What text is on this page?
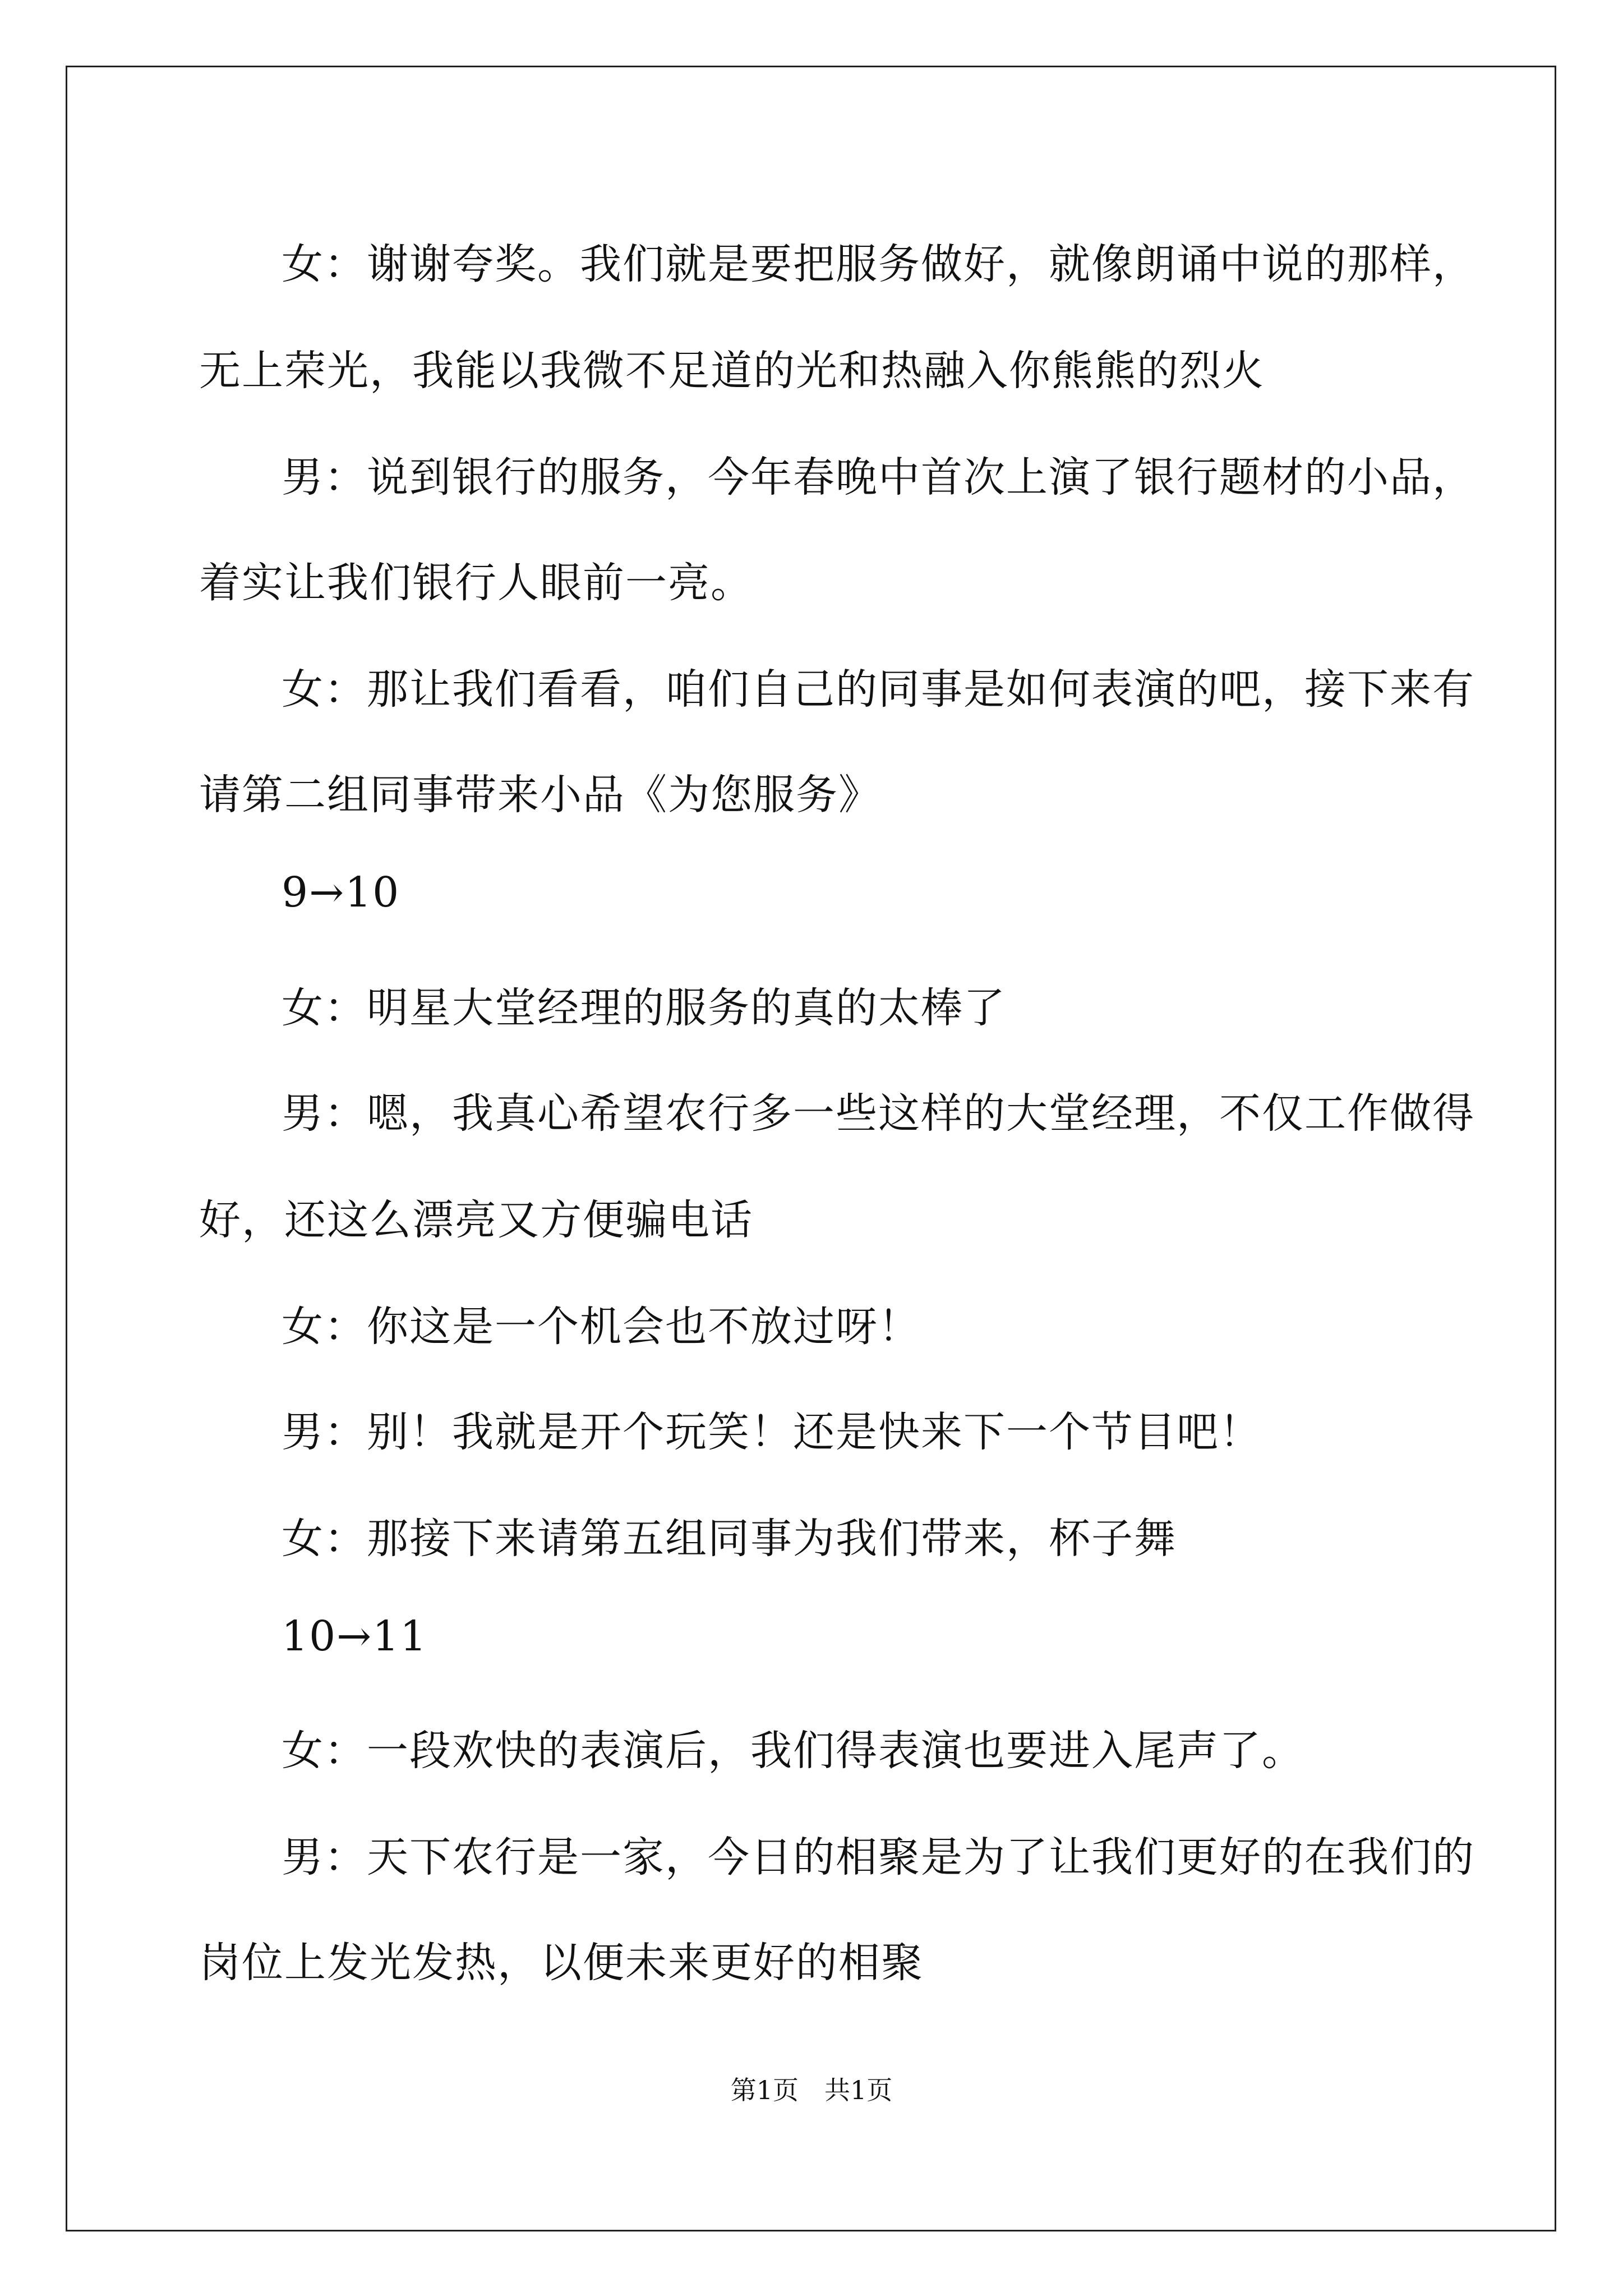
女：谢谢夸奖。我们就是要把服务做好，就像朗诵中说的那样，
无上荣光，我能以我微不足道的光和热融入你熊熊的烈火
男：说到银行的服务，今年春晚中首次上演了银行题材的小品，
着实让我们银行人眼前一亮。
女：那让我们看看，咱们自己的同事是如何表演的吧，接下来有
请第二组同事带来小品《为您服务》
9→10
女：明星大堂经理的服务的真的太棒了
男：嗯，我真心希望农行多一些这样的大堂经理，不仅工作做得
好，还这么漂亮又方便骗电话
女：你这是一个机会也不放过呀！
男：别！我就是开个玩笑！还是快来下一个节目吧！
女：那接下来请第五组同事为我们带来，杯子舞
10→11
女：一段欢快的表演后，我们得表演也要进入尾声了。
男：天下农行是一家，今日的相聚是为了让我们更好的在我们的
岗位上发光发热，以便未来更好的相聚
第1页　共1页
